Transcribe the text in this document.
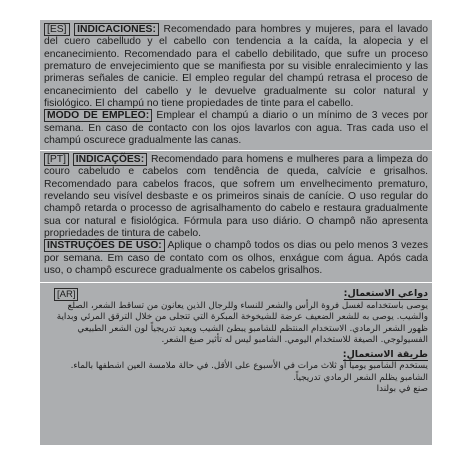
[ES] INDICACIONES: Recomendado para hombres y mujeres, para el lavado del cuero cabelludo y el cabello con tendencia a la caída, la alopecia y el encanecimiento. Recomendado para el cabello debilitado, que sufre un proceso prematuro de envejecimiento que se manifiesta por su visible enralecimiento y las primeras señales de canicie. El empleo regular del champú retrasa el proceso de encanecimiento del cabello y le devuelve gradualmente su color natural y fisiológico. El champú no tiene propiedades de tinte para el cabello.

MODO DE EMPLEO: Emplear el champú a diario o un mínimo de 3 veces por semana. En caso de contacto con los ojos lavarlos con agua. Tras cada uso el champú oscurece gradualmente las canas.

[PT] INDICAÇÕES: Recomendado para homens e mulheres para a limpeza do couro cabeludo e cabelos com tendência de queda, calvície e grisalhos. Recomendado para cabelos fracos, que sofrem um envelhecimento prematuro, revelando seu visível desbaste e os primeiros sinais de canície. O uso regular do champô retarda o processo de agrisalhamento do cabelo e restaura gradualmente sua cor natural e fisiológica. Fórmula para uso diário. O champô não apresenta propriedades de tintura de cabelo.

INSTRUÇÕES DE USO: Aplique o champô todos os dias ou pelo menos 3 vezes por semana. Em caso de contato com os olhos, enxágue com água. Após cada uso, o champô escurece gradualmente os cabelos grisalhos.

[AR]	دواعي الاستعمال:

يوصى باستخدامه لغسل فروة الرأس والشعر للنساء وللرجال الذين يعانون من تساقط الشعر، الصلع والشيب. يوصى به للشعر الضعيف عرضة للشيخوخة المبكرة التي تتجلى من خلال الترقق المرئي وبداية ظهور الشعر الرمادي. الاستخدام المنتظم للشامبو يبطئ الشيب ويعيد تدريجياً لون الشعر الطبيعي الفسيولوجي. الصيغة للاستخدام اليومي. الشامبو ليس له تأثير صبغ الشعر.

طريقة الاستعمال:

يستخدم الشامبو يومياً أو ثلاث مرات في الأسبوع على الأقل. في حالة ملامسة العين اشطفها بالماء. الشامبو يظلم الشعر الرمادي تدريجياً.

صنع في بولندا
